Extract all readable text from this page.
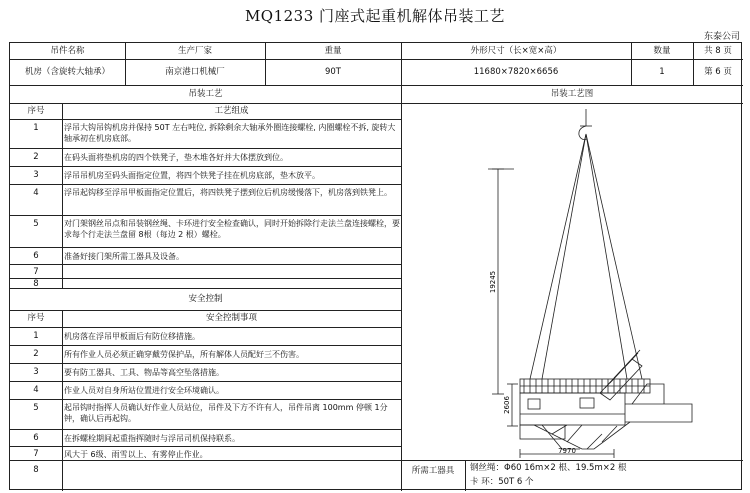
MQ1233 门座式起重机解体吊装工艺
东泰公司
吊件名称	生产厂家	重量	外形尺寸（长×宽×高）	数量	共 8 页
机房（含旋转大轴承）	南京港口机械厂	90T	11680×7820×6656	1	第 6 页
吊装工艺	吊装工艺图
序号	工艺组成
1	浮吊大钩吊钩机房并保持 50T 左右吨位, 拆除剩余大轴承外圈连接螺栓, 内圈螺栓不拆, 旋转大轴承初在机房底部。
2	在码头面将垫机房的四个铁凳子，垫木堆各好并大体摆放到位。
3	浮吊吊机房至码头面指定位置，将四个铁凳子挂在机房底部，垫木放平。
4	浮吊起钩移至浮吊甲板面指定位置后，将四铁凳子摆到位后机房缓慢落下，机房落到铁凳上。
5	对门架钢丝吊点和吊装钢丝绳、卡环进行安全检查确认，同时开始拆除行走法兰盘连接螺栓，要求每个行走法兰盘留 8根（每边 2 根）螺栓。
6	准备好接门架所需工器具及设备。
7
8
安全控制
序号	安全控制事项
1	机房落在浮吊甲板面后有防位移措施。
2	所有作业人员必须正确穿戴劳保护品，所有解体人员配好三不伤害。
3	要有防工器具、工具、物品等高空坠落措施。
4	作业人员对自身所站位置进行安全环境确认。
5	起吊钩时指挥人员确认好作业人员站位，吊件及下方不许有人，吊件吊离 100mm 停顿 1分钟，确认后再起钩。
6	在拆螺栓期间起重指挥随时与浮吊司机保持联系。
7	风大于 6级、雨雪以上、有雾停止作业。
8	所需工器具	钢丝绳：Φ60 16m×2 根、19.5m×2 根
卡 环：50T 6 个
19245
2606
7970
